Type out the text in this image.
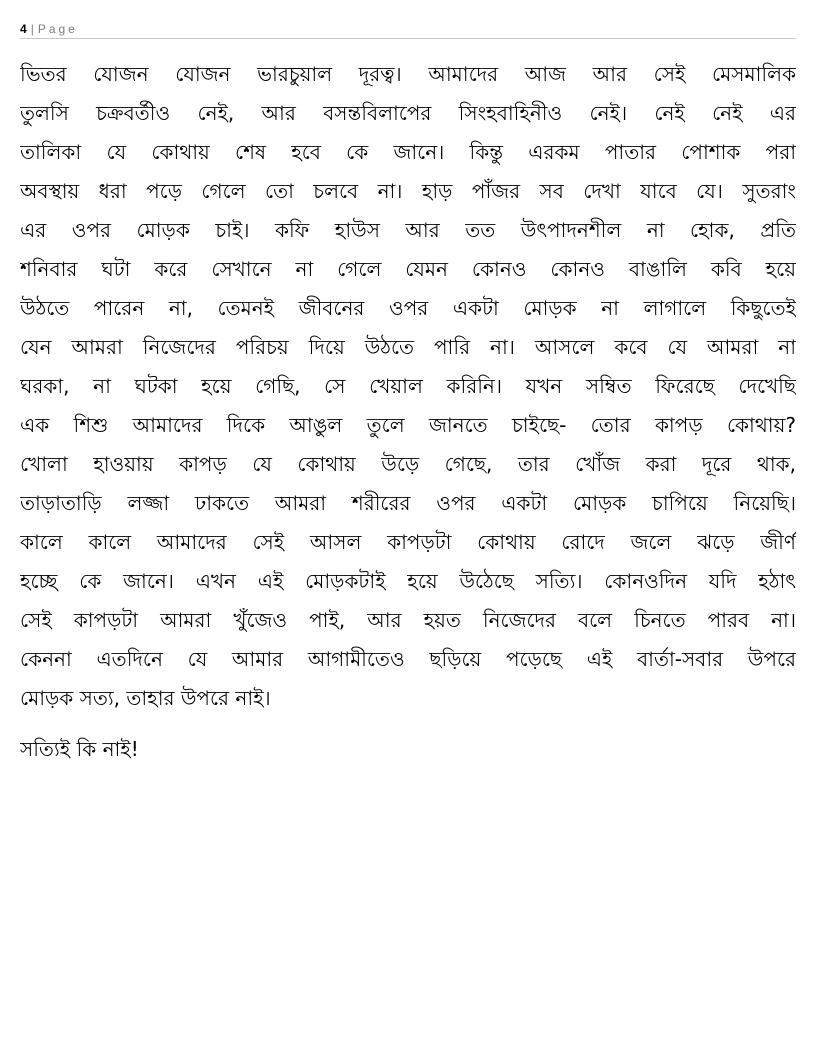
4 | Page

ভিতর যোজন যোজন ভারচুয়াল দূরত্ব। আমাদের আজ আর সেই মেসমালিক
তুলসি চক্রবর্তীও নেই, আর বসন্তবিলাপের সিংহবাহিনীও নেই। নেই নেই এর
তালিকা যে কোথায় শেষ হবে কে জানে। কিন্তু এরকম পাতার পোশাক পরা
অবস্থায় ধরা পড়ে গেলে তো চলবে না। হাড় পাঁজর সব দেখা যাবে যে। সুতরাং
এর ওপর মোড়ক চাই। কফি হাউস আর তত উৎপাদনশীল না হোক, প্রতি
শনিবার ঘটা করে সেখানে না গেলে যেমন কোনও কোনও বাঙালি কবি হয়ে
উঠতে পারেন না, তেমনই জীবনের ওপর একটা মোড়ক না লাগালে কিছুতেই
যেন আমরা নিজেদের পরিচয় দিয়ে উঠতে পারি না। আসলে কবে যে আমরা না
ঘরকা, না ঘটকা হয়ে গেছি, সে খেয়াল করিনি। যখন সম্বিত ফিরেছে দেখেছি
এক শিশু আমাদের দিকে আঙুল তুলে জানতে চাইছে- তোর কাপড় কোথায়?
খোলা হাওয়ায় কাপড় যে কোথায় উড়ে গেছে, তার খোঁজ করা দূরে থাক,
তাড়াতাড়ি লজ্জা ঢাকতে আমরা শরীরের ওপর একটা মোড়ক চাপিয়ে নিয়েছি।
কালে কালে আমাদের সেই আসল কাপড়টা কোথায় রোদে জলে ঝড়ে জীর্ণ
হচ্ছে কে জানে। এখন এই মোড়কটাই হয়ে উঠেছে সত্যি। কোনওদিন যদি হঠাৎ
সেই কাপড়টা আমরা খুঁজেও পাই, আর হয়ত নিজেদের বলে চিনতে পারব না।
কেননা এতদিনে যে আমার আগামীতেও ছড়িয়ে পড়েছে এই বার্তা-সবার উপরে
মোড়ক সত্য, তাহার উপরে নাই।

সত্যিই কি নাই!
